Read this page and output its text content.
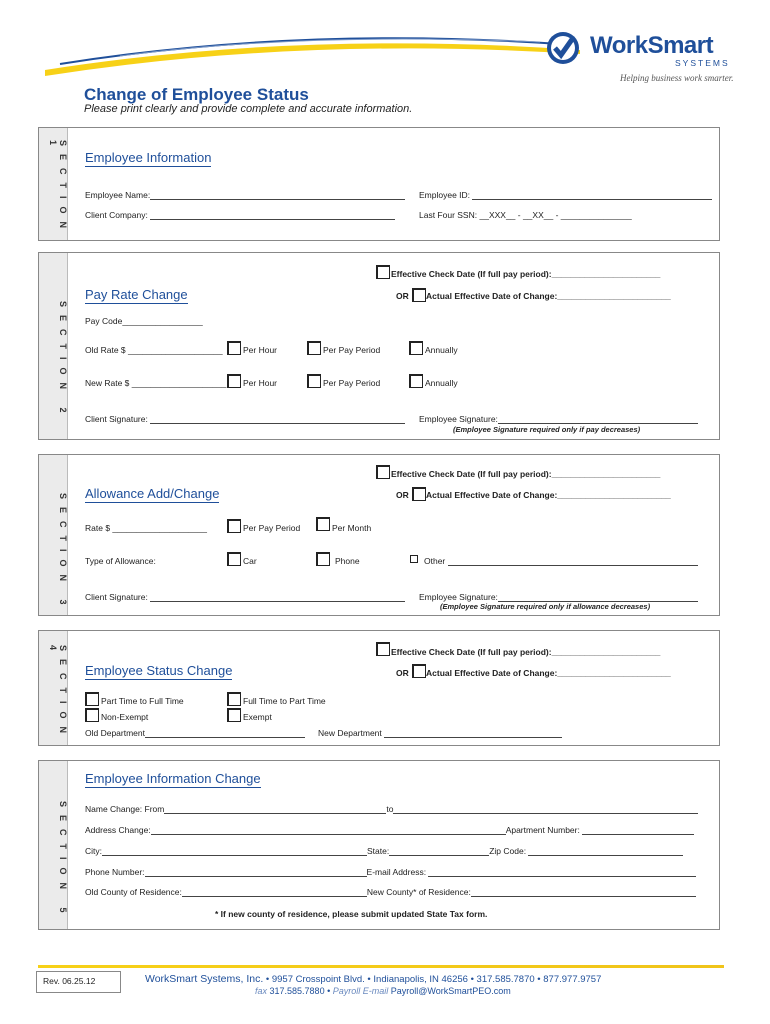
WorkSmart
SYSTEMS
Helping business work smarter.
Change of Employee Status
Please print clearly and provide complete and accurate information.
SECTION 1
Employee Information
Employee Name:	Employee ID:
Client Company:	Last Four SSN: __XXX__ - __XX__ - _______________
SECTION 2
Effective Check Date (If full pay period):_______________________
Pay Rate Change	OR Actual Effective Date of Change:________________________
Pay Code_________________
Old Rate $ ____________________ Per Hour	Per Pay Period	Annually
New Rate $ ____________________ Per Hour	Per Pay Period	Annually
Client Signature:	Employee Signature:
(Employee Signature required only if pay decreases)
SECTION 3
Effective Check Date (If full pay period):_______________________
Allowance Add/Change	OR Actual Effective Date of Change:________________________
Rate $ ____________________	Per Pay Period	Per Month
Type of Allowance:	Car	Phone	Other
Client Signature:	Employee Signature:
(Employee Signature required only if allowance decreases)
SECTION 4	Effective Check Date (If full pay period):_______________________
Employee Status Change	OR Actual Effective Date of Change:________________________
Part Time to Full Time	Full Time to Part Time
Non-Exempt	Exempt
Old Department	New Department
SECTION 5
Employee Information Change
Name Change: From	to
Address Change:	Apartment Number:
City:	State:	Zip Code:
Phone Number:	E-mail Address:
Old County of Residence:	New County* of Residence:
* If new county of residence, please submit updated State Tax form.
Rev. 06.25.12	WorkSmart Systems, Inc. • 9957 Crosspoint Blvd. • Indianapolis, IN 46256 • 317.585.7870 • 877.977.9757
fax 317.585.7880 • Payroll E-mail Payroll@WorkSmartPEO.com
